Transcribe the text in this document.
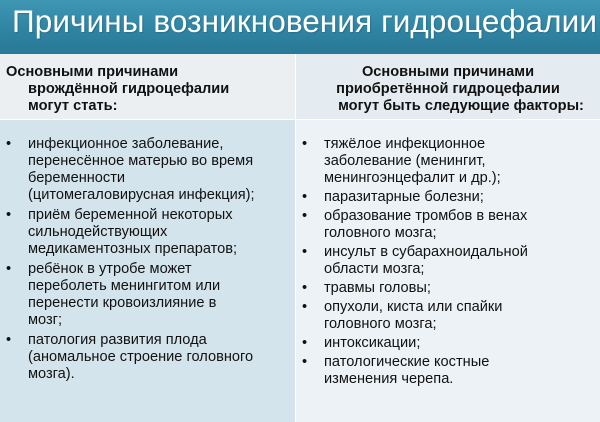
Причины возникновения гидроцефалии
Основными причинами
врождённой гидроцефалии
могут стать:
• инфекционное заболевание,
перенесённое матерью во время
беременности
(цитомегаловирусная инфекция);
• приём беременной некоторых
сильнодействующих
медикаментозных препаратов;
• ребёнок в утробе может
переболеть менингитом или
перенести кровоизлияние в
мозг;
• патология развития плода
(аномальное строение головного
мозга).
Основными причинами
приобретённой гидроцефалии
могут быть следующие факторы:
• тяжёлое инфекционное
заболевание (менингит,
менингоэнцефалит и др.);
• паразитарные болезни;
• образование тромбов в венах
головного мозга;
• инсульт в субарахноидальной
области мозга;
• травмы головы;
• опухоли, киста или спайки
головного мозга;
• интоксикации;
• патологические костные
изменения черепа.
